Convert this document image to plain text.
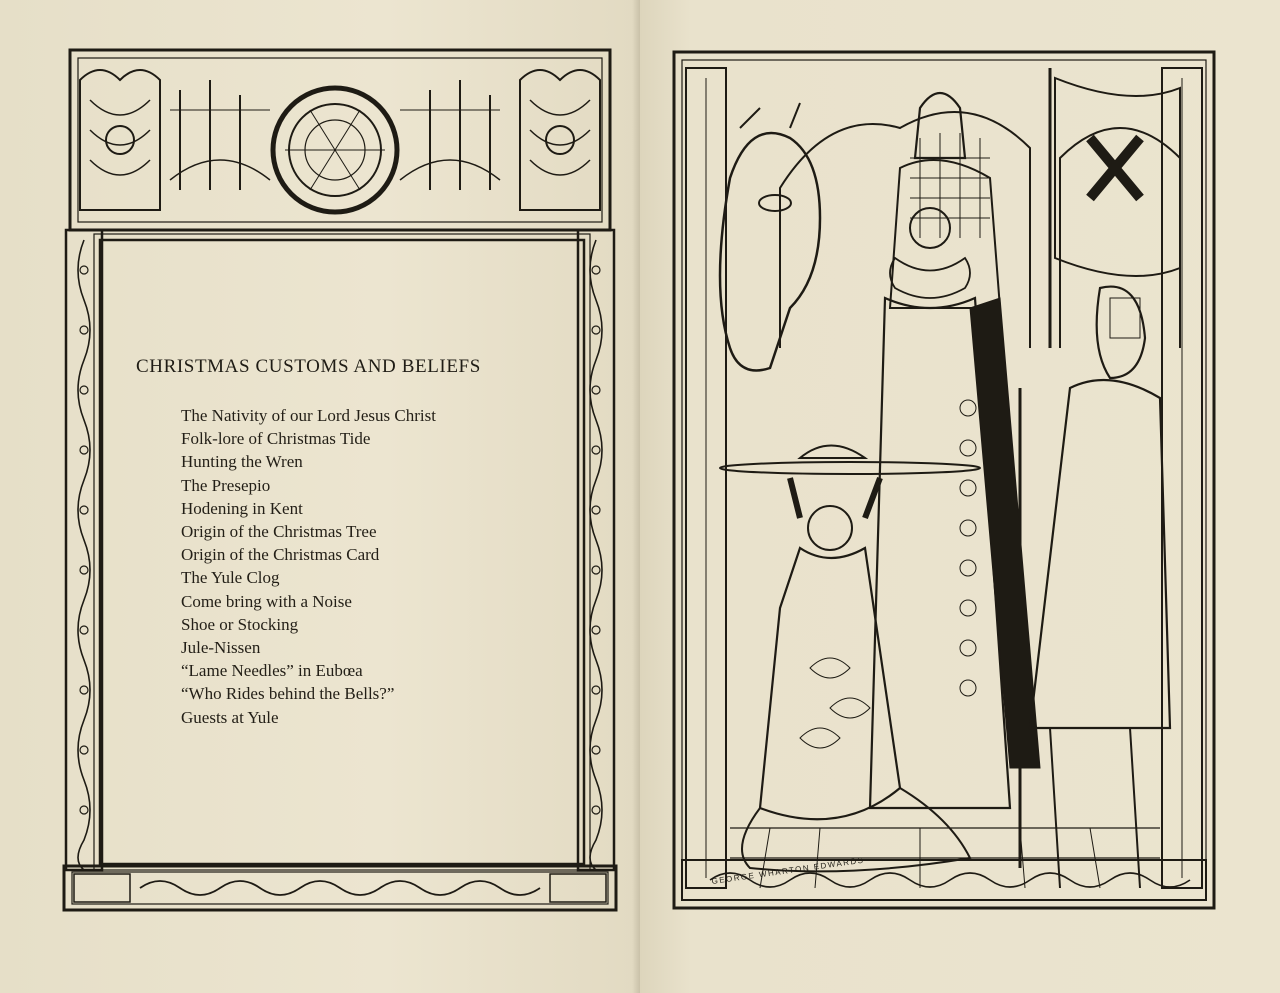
CHRISTMAS CUSTOMS AND BELIEFS
The Nativity of our Lord Jesus Christ
Folk-lore of Christmas Tide
Hunting the Wren
The Presepio
Hodening in Kent
Origin of the Christmas Tree
Origin of the Christmas Card
The Yule Clog
Come bring with a Noise
Shoe or Stocking
Jule-Nissen
“Lame Needles” in Eubœa
“Who Rides behind the Bells?”
Guests at Yule
GEORGE WHARTON EDWARDS
